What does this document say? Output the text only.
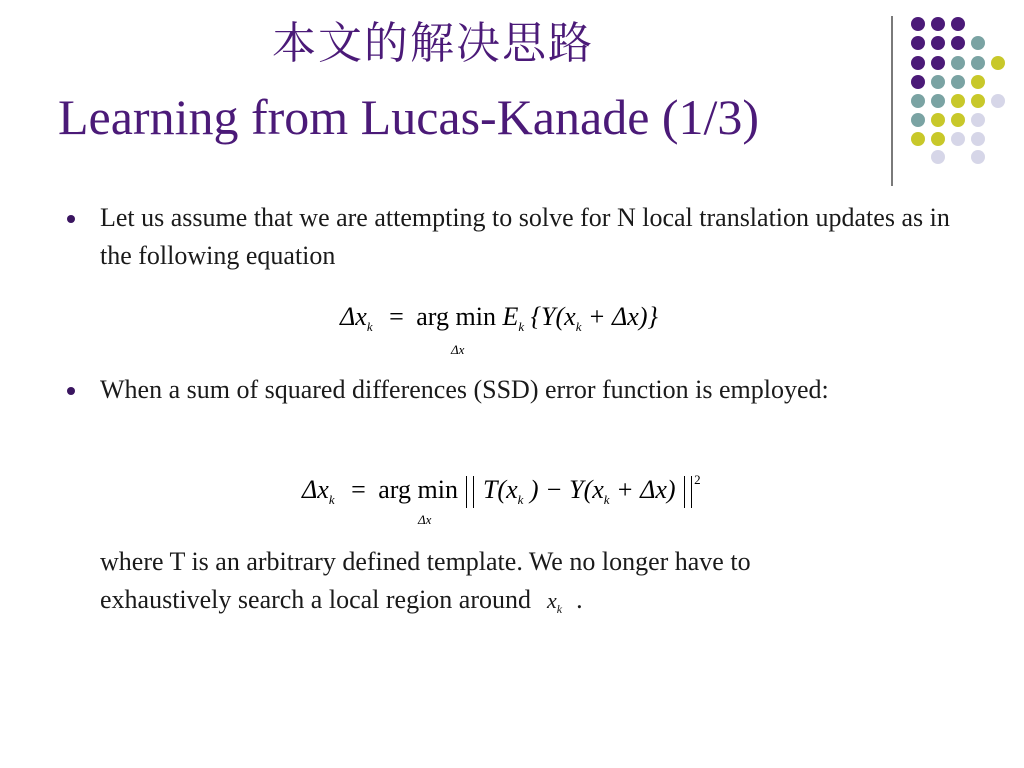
本文的解决思路
Learning from Lucas-Kanade (1/3)
Let us assume that we are attempting to solve for N local translation updates as in the following equation
$\Delta x_k$ = arg $\min E_k$ $\{Y(x_k + \Delta x)\}$
Δx
When a sum of squared differences (SSD) error function is employed:
$\Delta x_k$ = arg $\min T(x_k$ ) − $Y(x_k + \Delta x)$ $^2$
Δx
where T is an arbitrary defined template. We no longer have to
exhaustively search a local region around $x_k$ .
